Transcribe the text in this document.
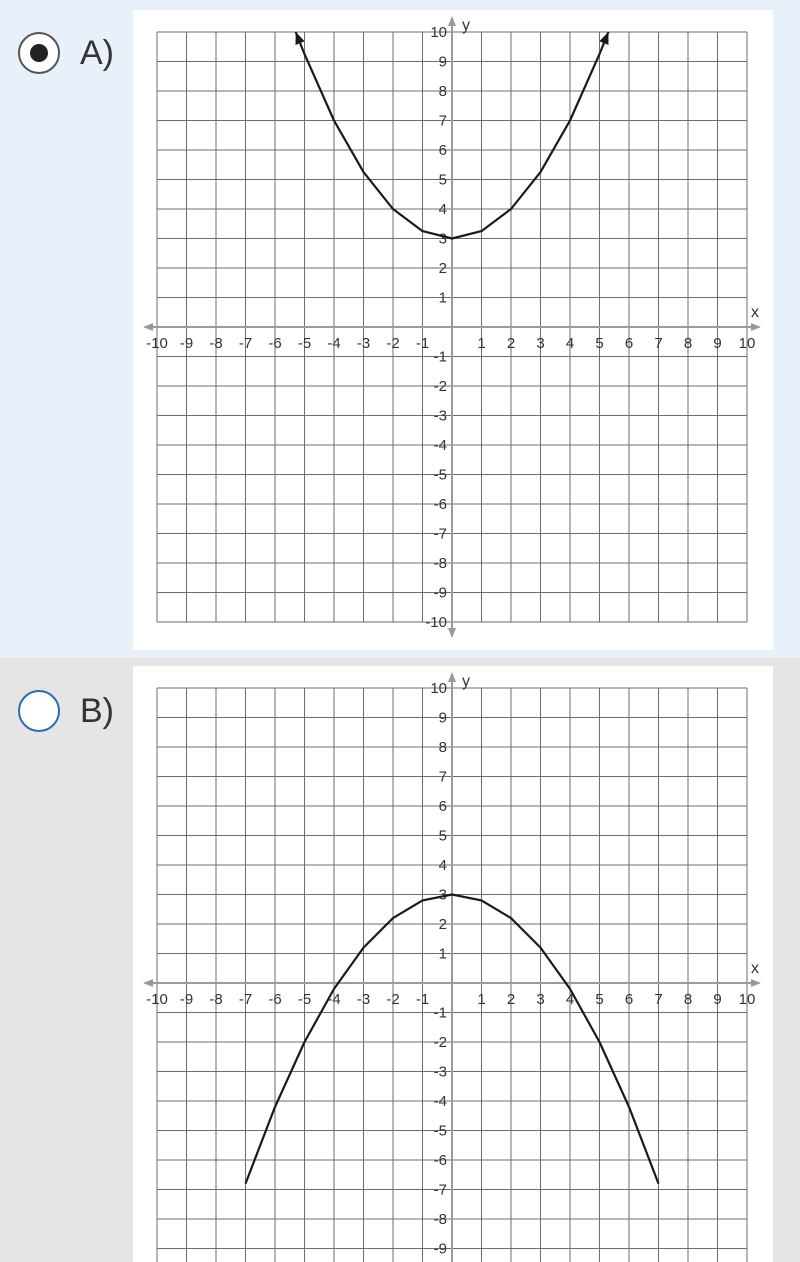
A)
-10 -9 -8 -7 -6 -5 -4 -3 -2 -1	1 2 3 4 5 6 7 8 9 10
10
9
8
7
6
5
4
3
2
1
-1
-2
-3
-4
-5
-6
-7
-8
-9
-10
x
y
B)
-10 -9 -8 -7 -6 -5 -4 -3 -2 -1	1 2 3 4 5 6 7 8 9 10
10
9
8
7
6
5
4
3
2
1
-1
-2
-3
-4
-5
-6
-7
-8
-9
x
y
